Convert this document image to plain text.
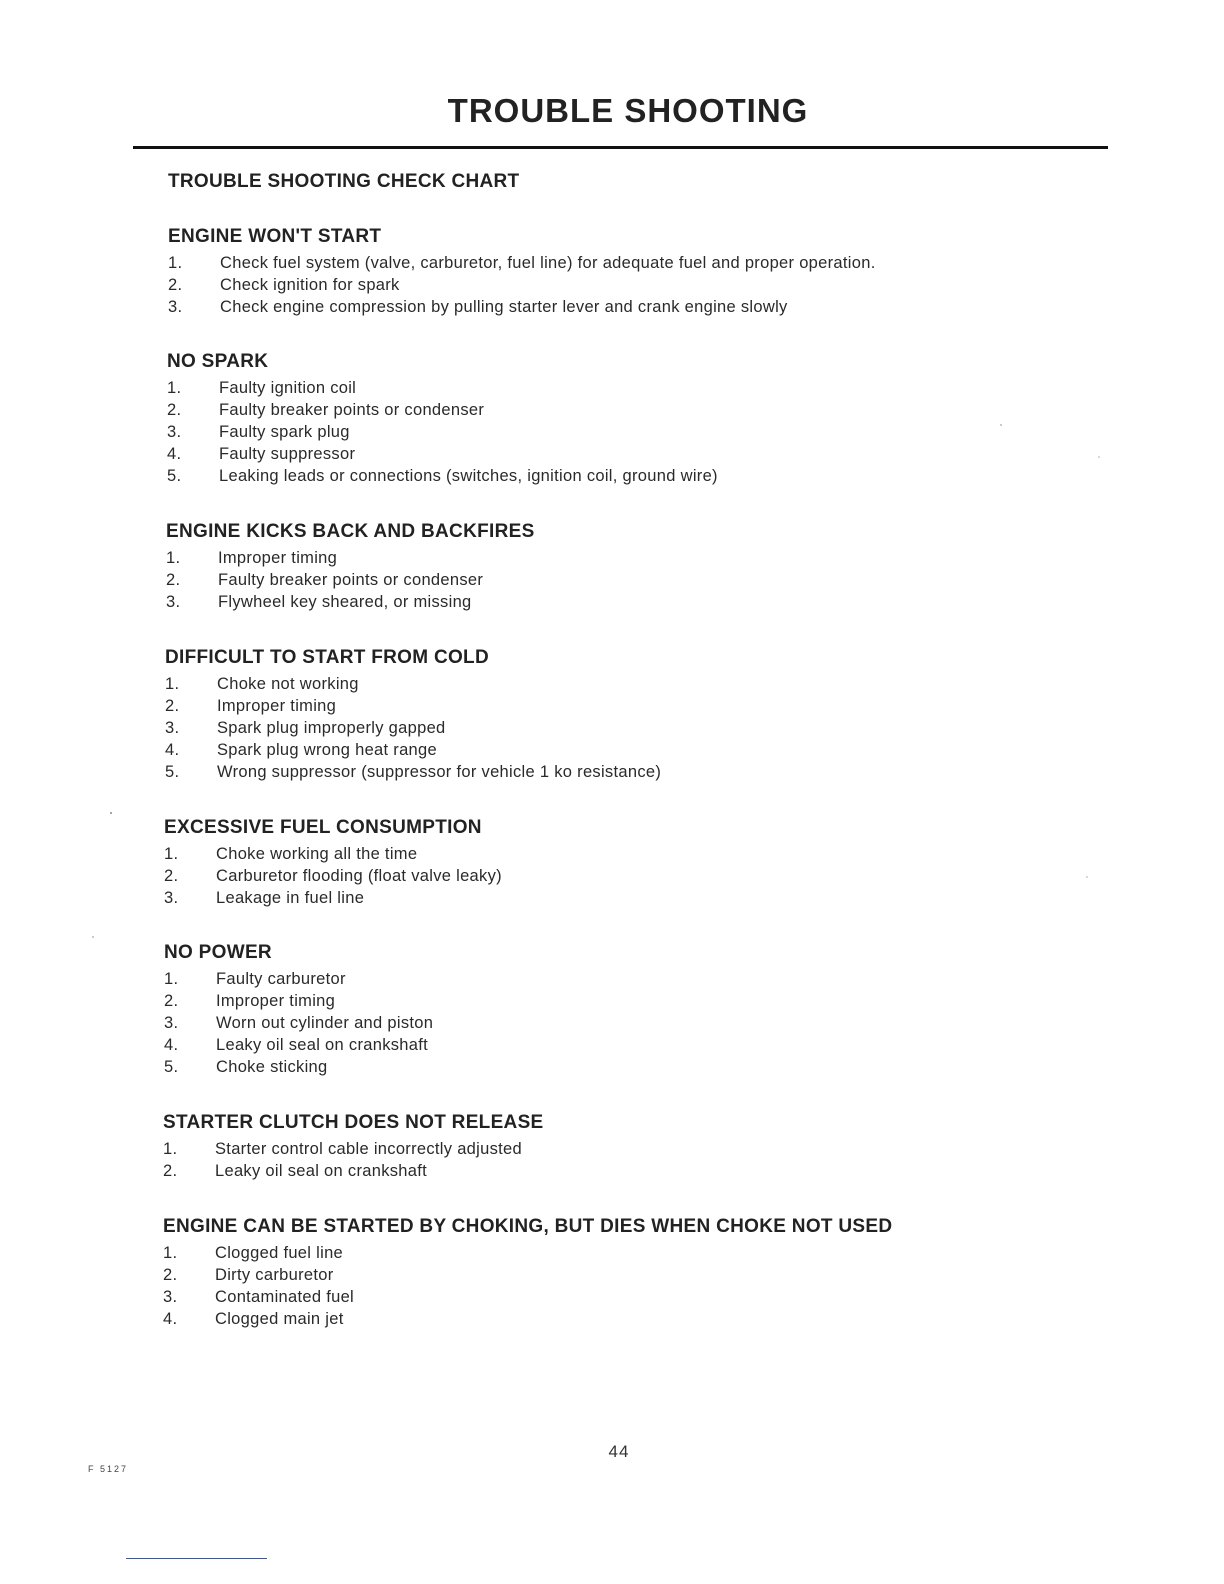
TROUBLE SHOOTING
TROUBLE SHOOTING CHECK CHART
ENGINE WON'T START
1. Check fuel system (valve, carburetor, fuel line) for adequate fuel and proper operation.
2. Check ignition for spark
3. Check engine compression by pulling starter lever and crank engine slowly
NO SPARK
1. Faulty ignition coil
2. Faulty breaker points or condenser
3. Faulty spark plug
4. Faulty suppressor
5. Leaking leads or connections (switches, ignition coil, ground wire)
ENGINE KICKS BACK AND BACKFIRES
1. Improper timing
2. Faulty breaker points or condenser
3. Flywheel key sheared, or missing
DIFFICULT TO START FROM COLD
1. Choke not working
2. Improper timing
3. Spark plug improperly gapped
4. Spark plug wrong heat range
5. Wrong suppressor (suppressor for vehicle 1 ko resistance)
EXCESSIVE FUEL CONSUMPTION
1. Choke working all the time
2. Carburetor flooding (float valve leaky)
3. Leakage in fuel line
NO POWER
1. Faulty carburetor
2. Improper timing
3. Worn out cylinder and piston
4. Leaky oil seal on crankshaft
5. Choke sticking
STARTER CLUTCH DOES NOT RELEASE
1. Starter control cable incorrectly adjusted
2. Leaky oil seal on crankshaft
ENGINE CAN BE STARTED BY CHOKING, BUT DIES WHEN CHOKE NOT USED
1. Clogged fuel line
2. Dirty carburetor
3. Contaminated fuel
4. Clogged main jet
44
F 5127
